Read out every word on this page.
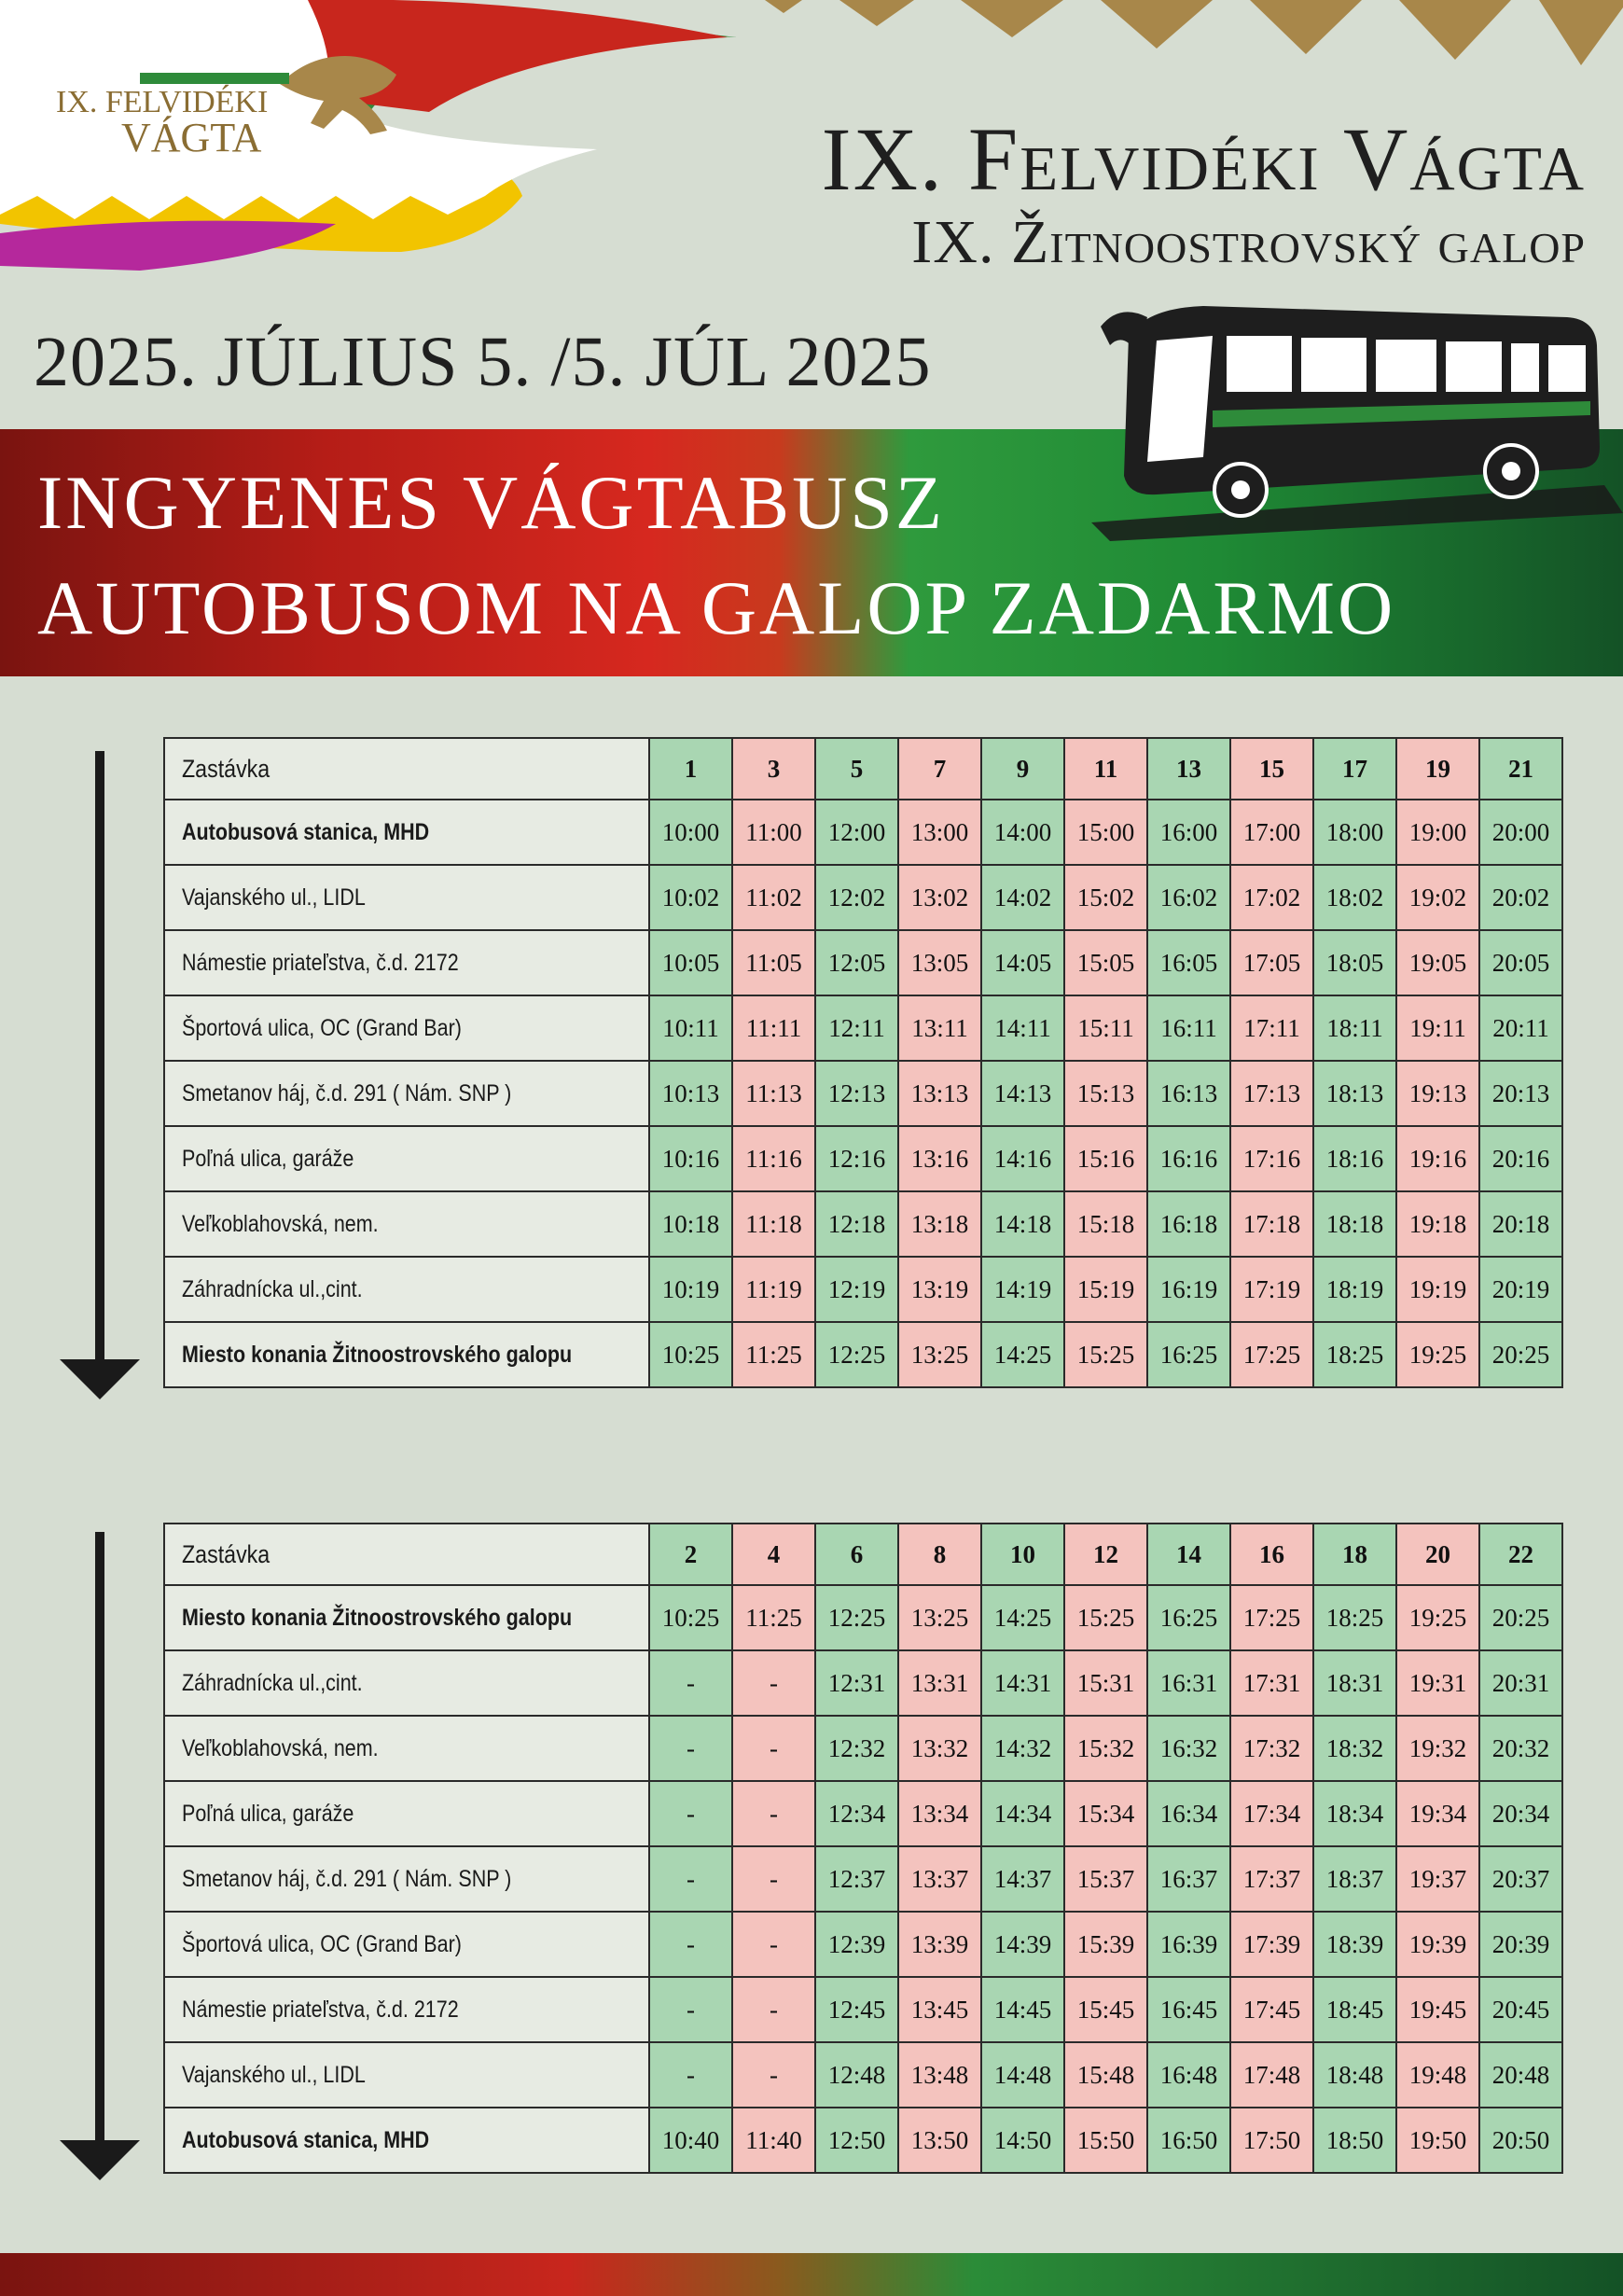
IX. FELVIDÉKI
VÁGTA	IX. Felvidéki Vágta
IX. Žitnoostrovský galop
2025. JÚLIUS 5. /5. JÚL 2025
INGYENES VÁGTABUSZ
AUTOBUSOM NA GALOP ZADARMO
Zastávka	1	3	5	7	9	11	13	15	17	19	21
Autobusová stanica, MHD	10:00	11:00	12:00	13:00	14:00	15:00	16:00	17:00	18:00	19:00	20:00
Vajanského ul., LIDL	10:02	11:02	12:02	13:02	14:02	15:02	16:02	17:02	18:02	19:02	20:02
Námestie priateľstva, č.d. 2172	10:05	11:05	12:05	13:05	14:05	15:05	16:05	17:05	18:05	19:05	20:05
Športová ulica, OC (Grand Bar)	10:11	11:11	12:11	13:11	14:11	15:11	16:11	17:11	18:11	19:11	20:11
Smetanov háj, č.d. 291 ( Nám. SNP )	10:13	11:13	12:13	13:13	14:13	15:13	16:13	17:13	18:13	19:13	20:13
Poľná ulica, garáže	10:16	11:16	12:16	13:16	14:16	15:16	16:16	17:16	18:16	19:16	20:16
Veľkoblahovská, nem.	10:18	11:18	12:18	13:18	14:18	15:18	16:18	17:18	18:18	19:18	20:18
Záhradnícka ul.,cint.	10:19	11:19	12:19	13:19	14:19	15:19	16:19	17:19	18:19	19:19	20:19
Miesto konania Žitnoostrovského galopu	10:25	11:25	12:25	13:25	14:25	15:25	16:25	17:25	18:25	19:25	20:25
Zastávka	2	4	6	8	10	12	14	16	18	20	22
Miesto konania Žitnoostrovského galopu	10:25	11:25	12:25	13:25	14:25	15:25	16:25	17:25	18:25	19:25	20:25
Záhradnícka ul.,cint.	-	-	12:31	13:31	14:31	15:31	16:31	17:31	18:31	19:31	20:31
Veľkoblahovská, nem.	-	-	12:32	13:32	14:32	15:32	16:32	17:32	18:32	19:32	20:32
Poľná ulica, garáže	-	-	12:34	13:34	14:34	15:34	16:34	17:34	18:34	19:34	20:34
Smetanov háj, č.d. 291 ( Nám. SNP )	-	-	12:37	13:37	14:37	15:37	16:37	17:37	18:37	19:37	20:37
Športová ulica, OC (Grand Bar)	-	-	12:39	13:39	14:39	15:39	16:39	17:39	18:39	19:39	20:39
Námestie priateľstva, č.d. 2172	-	-	12:45	13:45	14:45	15:45	16:45	17:45	18:45	19:45	20:45
Vajanského ul., LIDL	-	-	12:48	13:48	14:48	15:48	16:48	17:48	18:48	19:48	20:48
Autobusová stanica, MHD	10:40	11:40	12:50	13:50	14:50	15:50	16:50	17:50	18:50	19:50	20:50
